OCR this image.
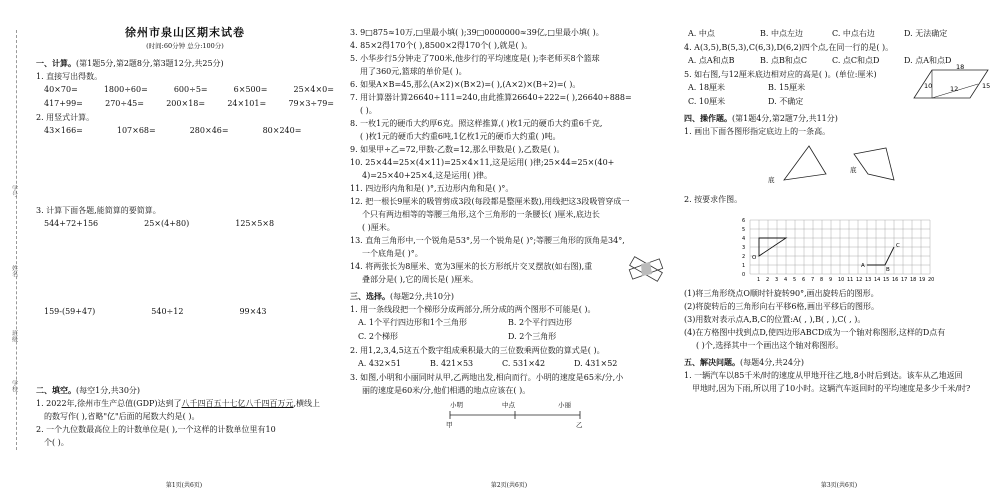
学号
姓名
班级
学校
徐州市泉山区期末试卷
(时间:60分钟 总分:100分)
一、计算。(第1题5分,第2题8分,第3题12分,共25分)
1. 直接写出得数。
40×70=	1800÷60=	600÷5=	6×500=	25×4×0=
417+99=	270÷45=	200×18=	24×101=	79×3÷79=
2. 用竖式计算。
43×166=	107×68=	280×46=	80×240=
3. 计算下面各题,能简算的要简算。
544+72+156	25×(4+80)	125×5×8
159-(59+47)	540÷12	99×43
二、填空。(每空1分,共30分)
1. 2022年,徐州市生产总值(GDP)达到了八千四百五十七亿八千四百万元,横线上
的数写作( ),省略"亿"后面的尾数大约是( )。
2. 一个九位数最高位上的计数单位是( ),一个这样的计数单位里有10
个( )。
第1页(共6页)
3. 9□875≈10万,□里最小填( );39□0000000≈39亿,□里最小填( )。
4. 85×2得170个( ),8500×2得170个( ),就是( )。
5. 小华步行5分钟走了700米,他步行的平均速度是( );李老师买8个篮球
用了360元,篮球的单价是( )。
6. 如果A×B=45,那么(A×2)×(B×2)=( ),(A×2)×(B÷2)=( )。
7. 用计算器计算26640÷111=240,由此推算26640÷222=( ),26640÷888=
( )。
8. 一枚1元的硬币大约厚6克。照这样推算,( )枚1元的硬币大约重6千克,
( )枚1元的硬币大约重6吨,1亿枚1元的硬币大约重( )吨。
9. 如果甲÷乙=72,甲数-乙数=12,那么甲数是( ),乙数是( )。
10. 25×44=25×(4×11)=25×4×11,这是运用( )律;25×44=25×(40+
4)=25×40+25×4,这是运用( )律。
11. 四边形内角和是( )°,五边形内角和是( )°。
12. 把一根长9厘米的吸管剪成3段(每段都是整厘米数),用线把这3段吸管穿成一
个只有两边相等的等腰三角形,这个三角形的一条腰长( )厘米,底边长
( )厘米。
13. 直角三角形中,一个锐角是53°,另一个锐角是( )°;等腰三角形的顶角是34°,
一个底角是( )°。
14. 将两张长为8厘米、宽为3厘米的长方形纸片交叉摆放(如右图),重
叠部分是( ),它的周长是( )厘米。
三、选择。(每题2分,共10分)
1. 用一条线段把一个梯形分成两部分,所分成的两个图形不可能是( )。
A. 1个平行四边形和1个三角形	B. 2个平行四边形
C. 2个梯形	D. 2个三角形
2. 用1,2,3,4,5这五个数字组成乘积最大的三位数乘两位数的算式是( )。
A. 432×51	B. 421×53	C. 531×42	D. 431×52
3. 如图,小明和小丽同时从甲,乙两地出发,相向而行。小明的速度是65米/分,小
丽的速度是60米/分,他们相遇的地点应该在( )。
小明	中点	小丽
甲	乙
第2页(共6页)
A. 中点	B. 中点左边	C. 中点右边	D. 无法确定
4. A(3,5),B(5,3),C(6,3),D(6,2)四个点,在同一行的是( )。
A. 点A和点B	B. 点B和点C	C. 点C和点D	D. 点A和点D
5. 如右图,与12厘米底边相对应的高是( )。(单位:厘米)
A. 18厘米	B. 15厘米
C. 10厘米	D. 不确定
18
15
10	12
四、操作题。(第1题4分,第2题7分,共11分)
1. 画出下面各图形指定底边上的一条高。
底
底
2. 按要求作图。
0
1
2
3
4
5
6
1 2 3 4 5 6 7 8 9 10 11 12 13 14 15 16 17 18 19 20
O
A
B
C
(1)将三角形绕点O顺时针旋转90°,画出旋转后的图形。
(2)将旋转后的三角形向右平移6格,画出平移后的图形。
(3)用数对表示点A,B,C的位置:A( , ),B( , ),C( , )。
(4)在方格图中找到点D,使四边形ABCD成为一个轴对称图形,这样的D点有
( )个,选择其中一个画出这个轴对称图形。
五、解决问题。(每题4分,共24分)
1. 一辆汽车以85千米/时的速度从甲地开往乙地,8小时后到达。该车从乙地返回
甲地时,因为下雨,所以用了10小时。这辆汽车返回时的平均速度是多少千米/时?
第3页(共6页)
